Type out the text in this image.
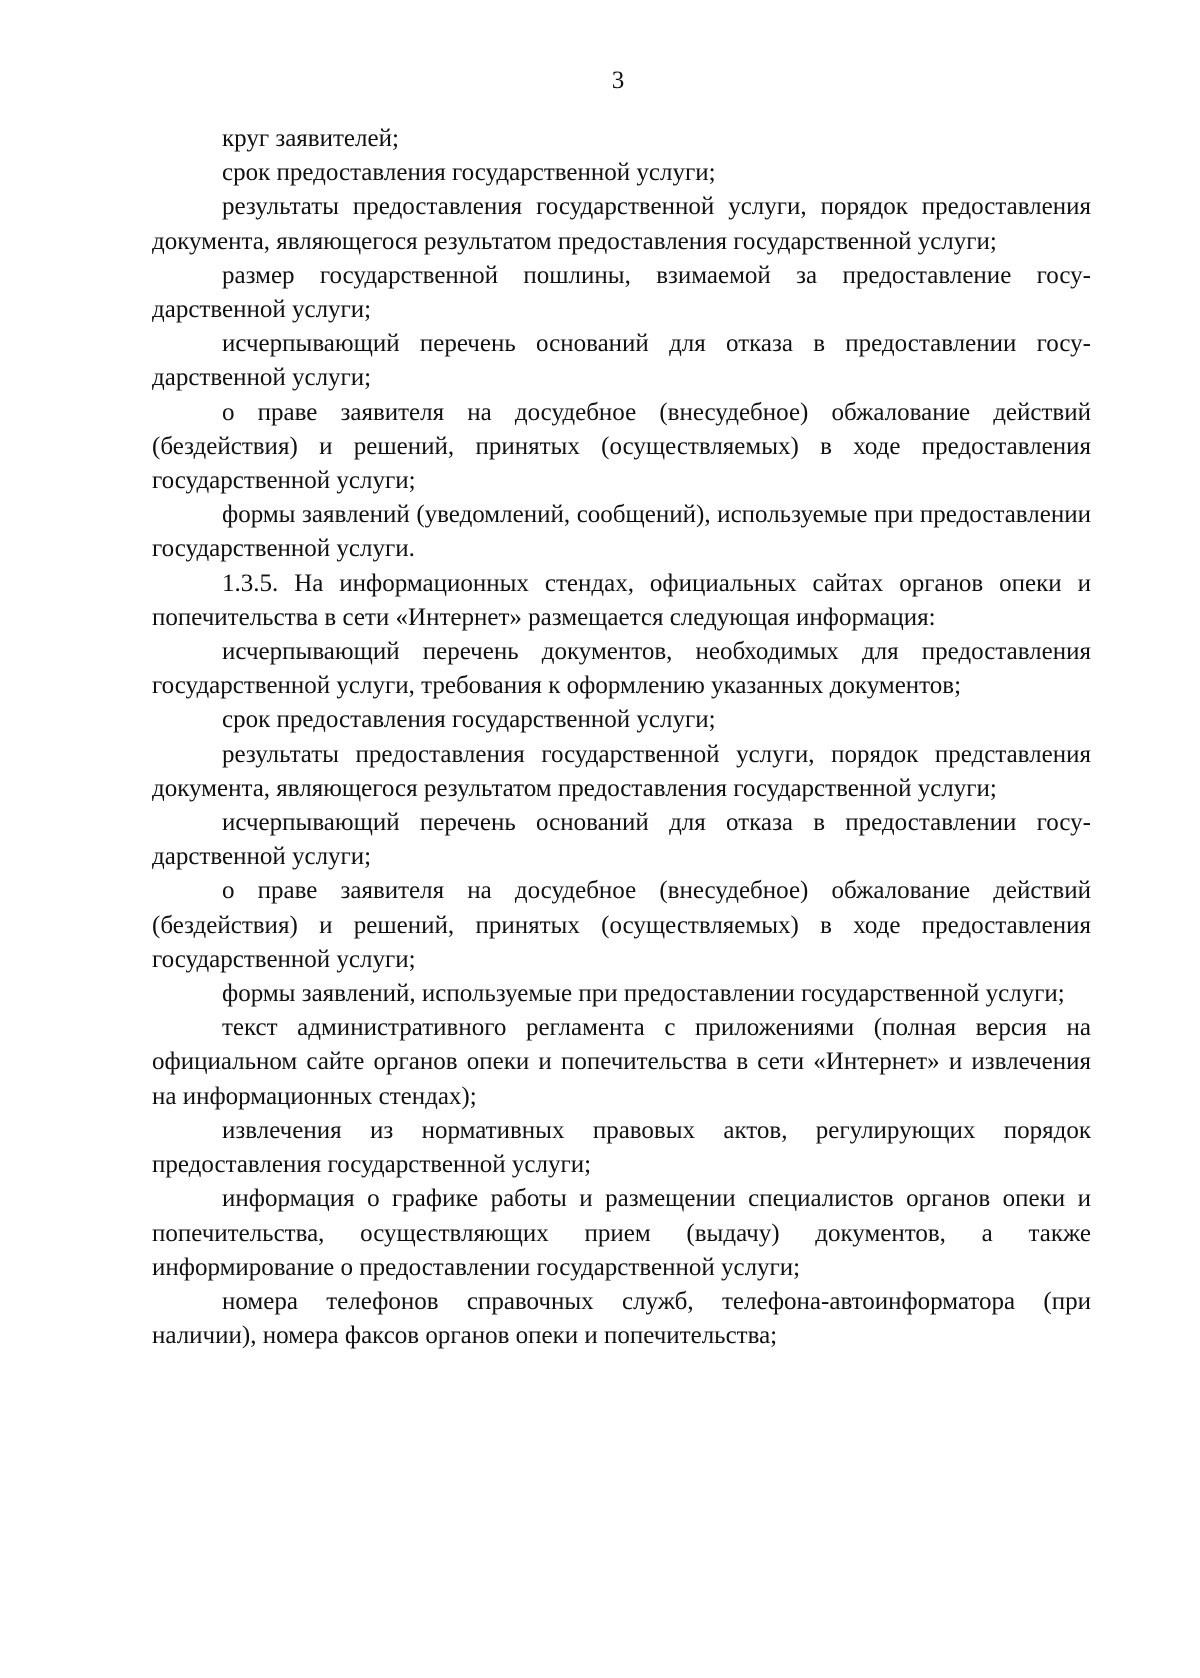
3

круг заявителей;

срок предоставления государственной услуги;

результаты предоставления государственной услуги, порядок предоставления документа, являющегося результатом предоставления государственной услуги;

размер государственной пошлины, взимаемой за предоставление государственной услуги;

исчерпывающий перечень оснований для отказа в предоставлении государственной услуги;

о праве заявителя на досудебное (внесудебное) обжалование действий (бездействия) и решений, принятых (осуществляемых) в ходе предоставления государственной услуги;

формы заявлений (уведомлений, сообщений), используемые при предоставлении государственной услуги.

1.3.5. На информационных стендах, официальных сайтах органов опеки и попечительства в сети «Интернет» размещается следующая информация:

исчерпывающий перечень документов, необходимых для предоставления государственной услуги, требования к оформлению указанных документов;

срок предоставления государственной услуги;

результаты предоставления государственной услуги, порядок представления документа, являющегося результатом предоставления государственной услуги;

исчерпывающий перечень оснований для отказа в предоставлении государственной услуги;

о праве заявителя на досудебное (внесудебное) обжалование действий (бездействия) и решений, принятых (осуществляемых) в ходе предоставления государственной услуги;

формы заявлений, используемые при предоставлении государственной услуги;

текст административного регламента с приложениями (полная версия на официальном сайте органов опеки и попечительства в сети «Интернет» и извлечения на информационных стендах);

извлечения из нормативных правовых актов, регулирующих порядок предоставления государственной услуги;

информация о графике работы и размещении специалистов органов опеки и попечительства, осуществляющих прием (выдачу) документов, а также информирование о предоставлении государственной услуги;

номера телефонов справочных служб, телефона-автоинформатора (при наличии), номера факсов органов опеки и попечительства;
